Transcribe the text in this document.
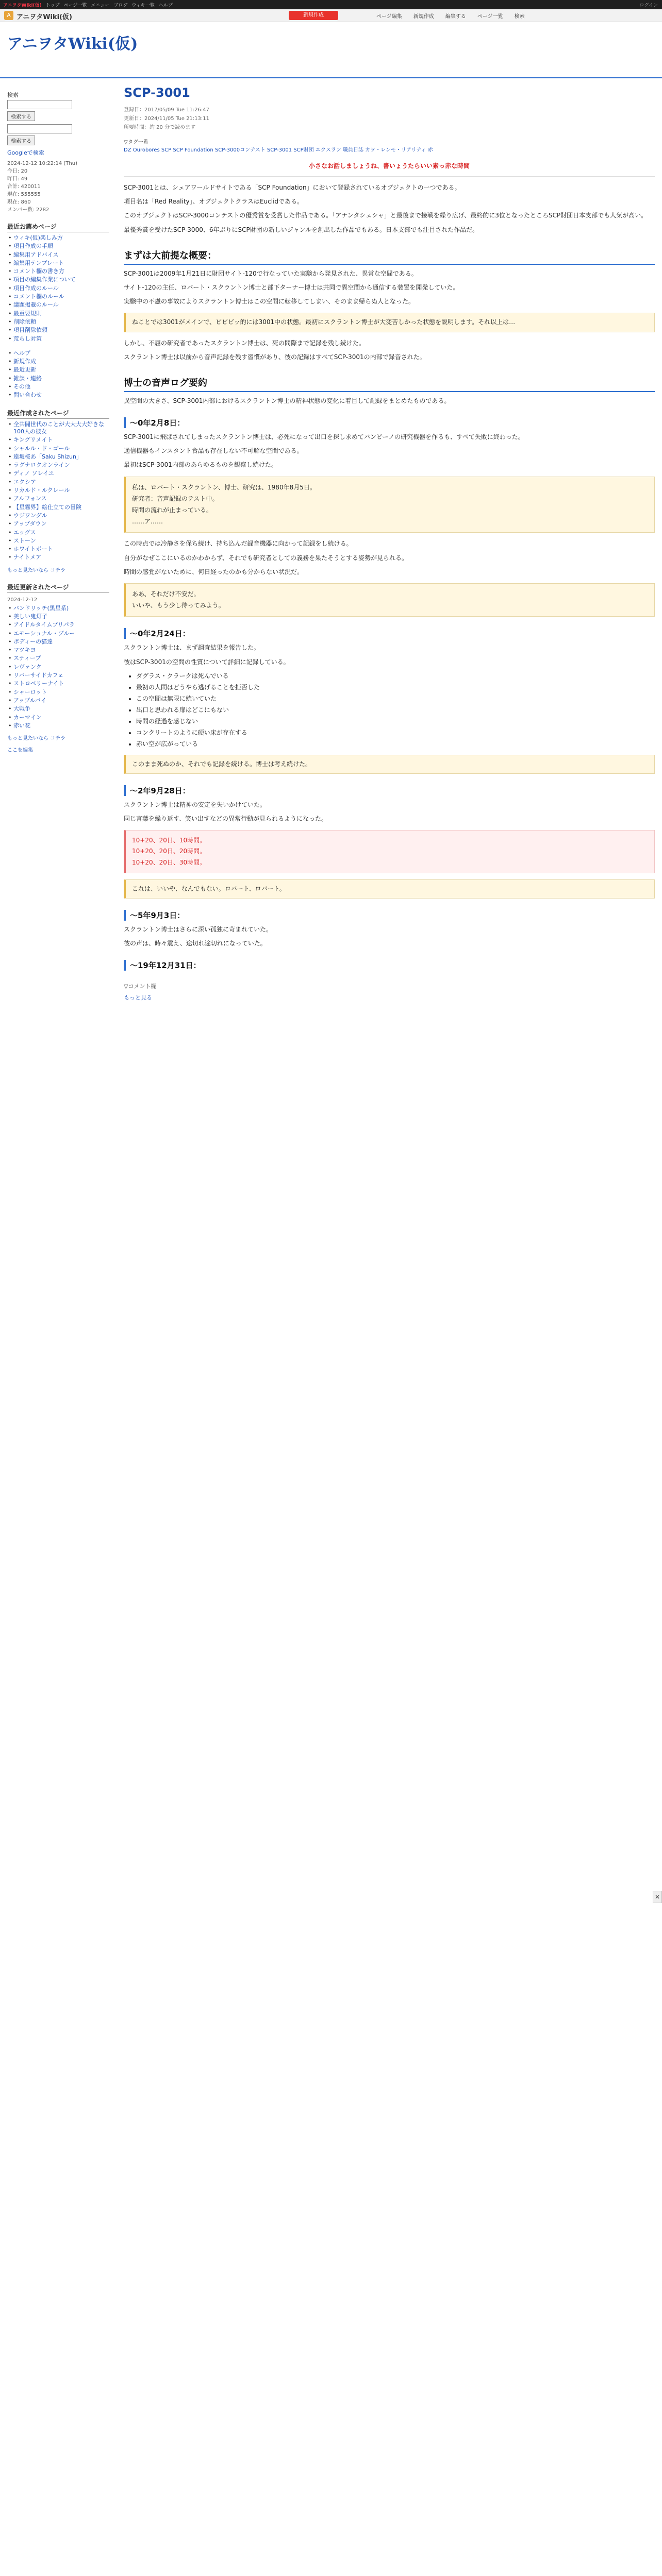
アニヲタWiki(仮) トップ ページ一覧 メニュー ブログ ウィキ一覧 ヘルプ	ログイン
A アニヲタWiki(仮)	新規作成	ページ編集 新規作成 編集する ページ一覧 検索
アニヲタWiki(仮)
検索
検索する
検索する
Googleで検索
2024-12-12 10:22:14 (Thu)
今日: 20
昨日: 49
合計: 420011
現在: 555555
現在: 860
メンバー数: 2282
最近お薦めページ
• ウィキ(仮)楽しみ方
• 項目作成の手順
• 編集用アドバイス
• 編集用テンプレート
• コメント欄の書き方
• 項目の編集作業について
• 項目作成のルール
• コメント欄のルール
• 議題掲載のルール
• 最重要規則
• 削除依頼
• 項目削除依頼
• 荒らし対策
• ヘルプ
• 新規作成
• 最近更新
• 雑談・連絡
• その他
• 問い合わせ
最近作成されたページ
• 全共闘世代のことが大大大大好きな100人の彼女
• キングリメイト
• シャルル・ド・ゴール
• 遠坂桜あ「Saku Shizun」
• ラグナロクオンライン
• ディノ ソレイユ
• エクシア
• リカルド・ルクレール
• アルフォンス
• 【星霧界】絵仕立ての冒険
• ウジワングル
• アップダウン
• エッグス
• ストーン
• ホワイトボート
• ナイトメア
もっと見たいなら コチラ
最近更新されたページ
2024-12-12
• バンドリッチ(黒星系)
• 美しい鬼灯子
• アイドルタイムプリパラ
• エモーショナル・ブルー
• ボディーの猫達
• マツキヨ
• スティーブ
• レヴァンク
• リバーサイドカフェ
• ストロベリーナイト
• シャーロット
• アップルパイ
• 大戦争
• カーマイン
• 赤い花
もっと見たいなら コチラ
ここを編集
SCP-3001
登録日：2017/05/09 Tue 11:26:47
更新日：2024/11/05 Tue 21:13:11
所要時間：約 20 分で読めます
▽タグ一覧
DZ Ourobores SCP SCP Foundation SCP-3000コンテスト SCP-3001 SCP財団 エクスラン 職員日誌 カヲ・レンモ・リアリティ 赤
小さなお話しましょうね、書いょうたらいい素っ赤な時間

SCP-3001とは、シェアワールドサイトである「SCP Foundation」において登録されているオブジェクトの一つである。

項目名は「Red Reality」、オブジェクトクラスはEuclidである。

このオブジェクトはSCP-3000コンテストの優秀賞を受賞した作品である。「アナンタシェシャ」と最後まで接戦を繰り広げ、最終的に3位となったところSCP財団日本支部でも人気が高い。

最優秀賞を受けたSCP-3000、6年ぶりにSCP財団の新しいジャンルを創出した作品でもある。日本支部でも注目された作品だ。

まずは大前提な概要：

SCP-3001は2009年1月21日に財団サイト-120で行なっていた実験から発見された、異常な空間である。

サイト-120の主任、ロバート・スクラントン博士と部下ターナー博士は共同で異空間から通信する装置を開発していた。

実験中の不慮の事故によりスクラントン博士はこの空間に転移してしまい、そのまま帰らぬ人となった。

ねことでは3001がメインで、ビビビッ的には3001中の状態。最初にスクラントン博士が大変苦しかった状態を説明します。それ以上は…

しかし、不屈の研究者であったスクラントン博士は、死の間際まで記録を残し続けた。

スクラントン博士は以前から音声記録を残す習慣があり、彼の記録はすべてSCP-3001の内部で録音された。

博士の音声ログ要約

異空間の大きさ、SCP-3001内部におけるスクラントン博士の精神状態の変化に着目して記録をまとめたものである。

〜0年2月8日：

SCP-3001に飛ばされてしまったスクラントン博士は、必死になって出口を探し求めてバンビーノの研究機器を作るも、すべて失敗に終わった。

通信機器もインスタント食品も存在しない不可解な空間である。

最初はSCP-3001内部のあらゆるものを観察し続けた。

私は、ロバート・スクラントン、博士、研究は、1980年8月5日。
研究者：音声記録のテスト中。
時間の流れが止まっている。
……ア……

この時点では冷静さを保ち続け、持ち込んだ録音機器に向かって記録をし続ける。

自分がなぜここにいるのかわからず、それでも研究者としての義務を果たそうとする姿勢が見られる。

時間の感覚がないために、何日経ったのかも分からない状況だ。

ああ、それだけ不安だ。
いいや、もう少し待ってみよう。
〜0年2月24日：

スクラントン博士は、まず調査結果を報告した。

彼はSCP-3001の空間の性質について詳細に記録している。

• ダグラス・クラークは死んでいる
• 最初の人間はどうやら逃げることを拒否した
• この空間は無限に続いていた
• 出口と思われる扉はどこにもない
• 時間の経過を感じない
• コンクリートのように硬い床が存在する
• 赤い空が広がっている
このまま死ぬのか、それでも記録を続ける。博士は考え続けた。
〜2年9月28日：

スクラントン博士は精神の安定を失いかけていた。

同じ言葉を繰り返す、笑い出すなどの異常行動が見られるようになった。

10+20、20日、10時間。
10+20、20日、20時間。
10+20、20日、30時間。
これは、いいや、なんでもない。ロバート、ロバート。
〜5年9月3日：

スクラントン博士はさらに深い孤独に苛まれていた。

彼の声は、時々震え、途切れ途切れになっていた。

〜19年12月31日：
▽コメント欄
もっと見る
✕
